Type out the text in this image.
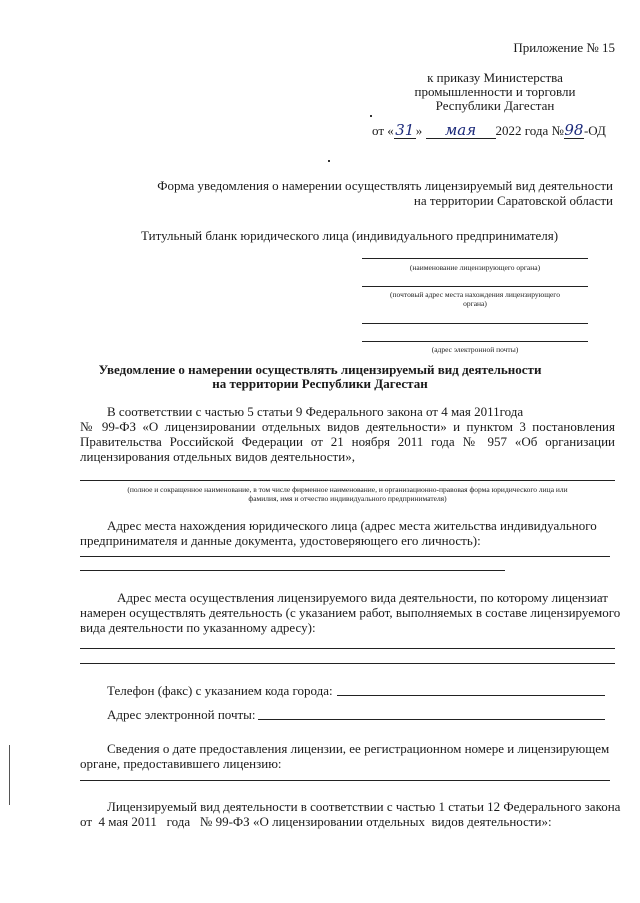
Приложение № 15
к приказу Министерства
промышленности и торговли
Республики Дагестан
от «31» мая 2022 года №98-ОД
Форма уведомления о намерении осуществлять лицензируемый вид деятельности
на территории Саратовской области
Титульный бланк юридического лица (индивидуального предпринимателя)
(наименование лицензирующего органа)
(почтовый адрес места нахождения лицензирующего
органа)
(адрес электронной почты)
Уведомление о намерении осуществлять лицензируемый вид деятельности
на территории Республики Дагестан
В соответствии с частью 5 статьи 9 Федерального закона от 4 мая 2011года
№ 99-ФЗ «О лицензировании отдельных видов деятельности» и пунктом 3 постановления
Правительства Российской Федерации от 21 ноября 2011 года № 957 «Об организации
лицензирования отдельных видов деятельности»,
(полное и сокращенное наименование, в том числе фирменное наименование, и организационно-правовая форма юридического лица или
фамилия, имя и отчество индивидуального предпринимателя)
Адрес места нахождения юридического лица (адрес места жительства индивидуального
предпринимателя и данные документа, удостоверяющего его личность):
Адрес места осуществления лицензируемого вида деятельности, по которому лицензиат
намерен осуществлять деятельность (с указанием работ, выполняемых в составе лицензируемого
вида деятельности по указанному адресу):
Телефон (факс) с указанием кода города:
Адрес электронной почты:
Сведения о дате предоставления лицензии, ее регистрационном номере и лицензирующем
органе, предоставившего лицензию:
Лицензируемый вид деятельности в соответствии с частью 1 статьи 12 Федерального закона
от  4 мая 2011   года   № 99-ФЗ «О лицензировании отдельных  видов деятельности»:
